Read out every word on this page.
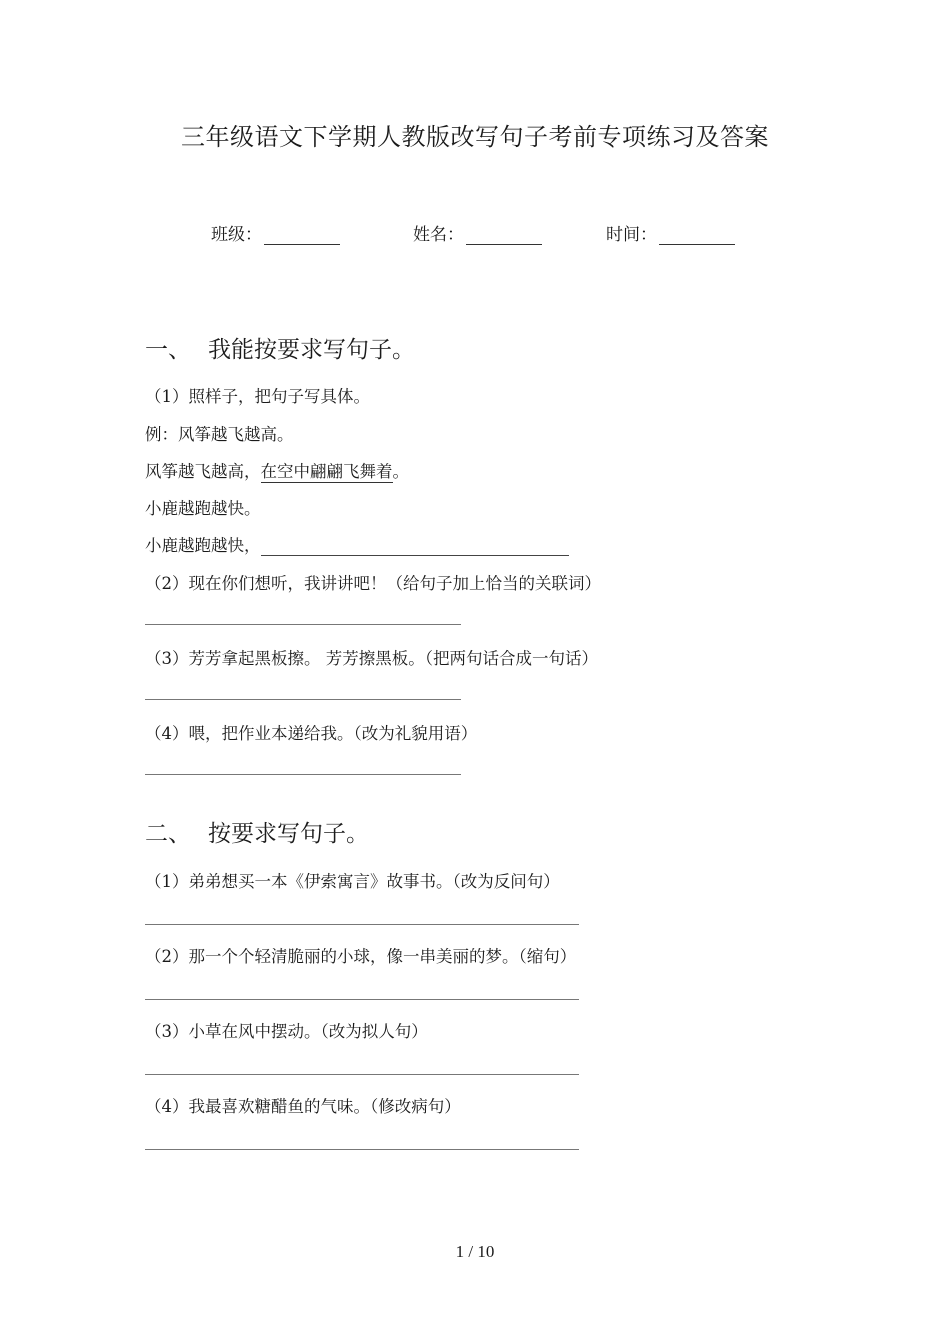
三年级语文下学期人教版改写句子考前专项练习及答案
班级：	姓名：	时间：
一、 我能按要求写句子。
（1）照样子，把句子写具体。
例：风筝越飞越高。
风筝越飞越高，在空中翩翩飞舞着。
小鹿越跑越快。
小鹿越跑越快，
（2）现在你们想听，我讲讲吧！（给句子加上恰当的关联词）
（3）芳芳拿起黑板擦。 芳芳擦黑板。（把两句话合成一句话）
（4）喂，把作业本递给我。（改为礼貌用语）
二、 按要求写句子。
（1）弟弟想买一本《伊索寓言》故事书。（改为反问句）
（2）那一个个轻清脆丽的小球，像一串美丽的梦。（缩句）
（3）小草在风中摆动。（改为拟人句）
（4）我最喜欢糖醋鱼的气味。（修改病句）
1 / 10
